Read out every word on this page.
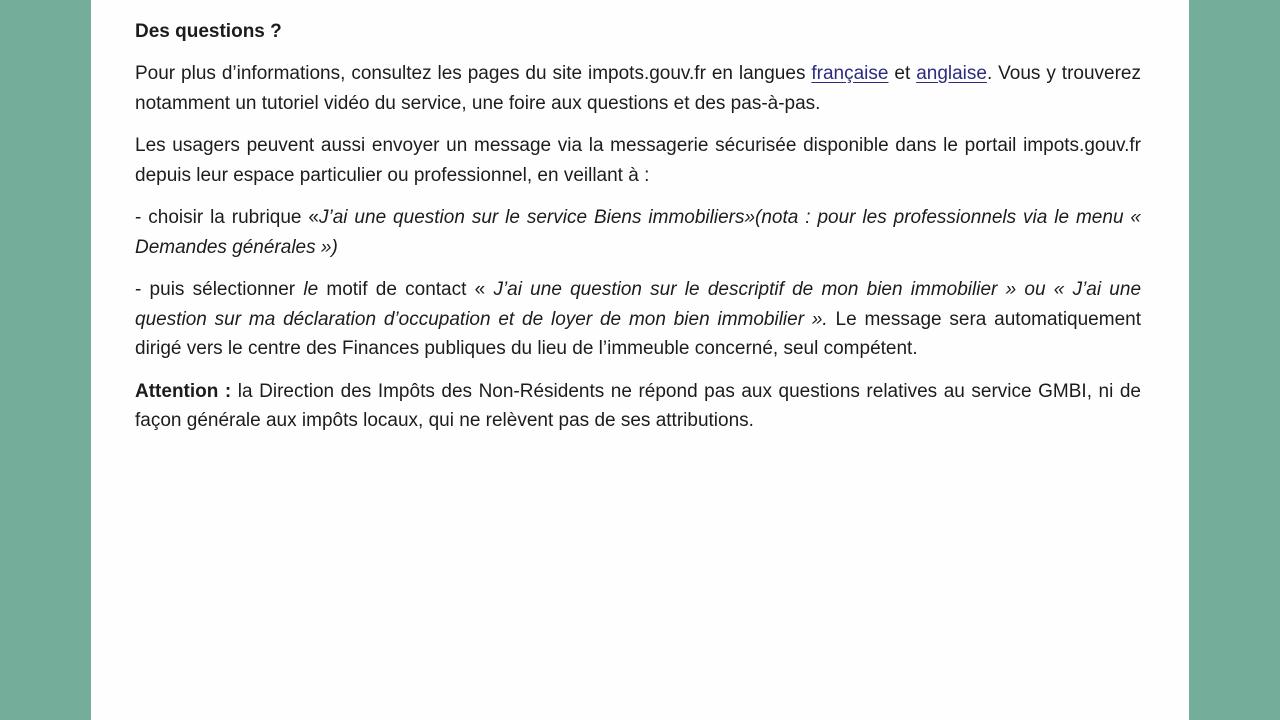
Des questions ?

Pour plus d’informations, consultez les pages du site impots.gouv.fr en langues française et anglaise. Vous y trouverez notamment un tutoriel vidéo du service, une foire aux questions et des pas-à-pas.

Les usagers peuvent aussi envoyer un message via la messagerie sécurisée disponible dans le portail impots.gouv.fr depuis leur espace particulier ou professionnel, en veillant à :

- choisir la rubrique «J’ai une question sur le service Biens immobiliers»(nota : pour les professionnels via le menu « Demandes générales »)

- puis sélectionner le motif de contact « J’ai une question sur le descriptif de mon bien immobilier » ou « J’ai une question sur ma déclaration d’occupation et de loyer de mon bien immobilier ». Le message sera automatiquement dirigé vers le centre des Finances publiques du lieu de l’immeuble concerné, seul compétent.

Attention : la Direction des Impôts des Non-Résidents ne répond pas aux questions relatives au service GMBI, ni de façon générale aux impôts locaux, qui ne relèvent pas de ses attributions.
